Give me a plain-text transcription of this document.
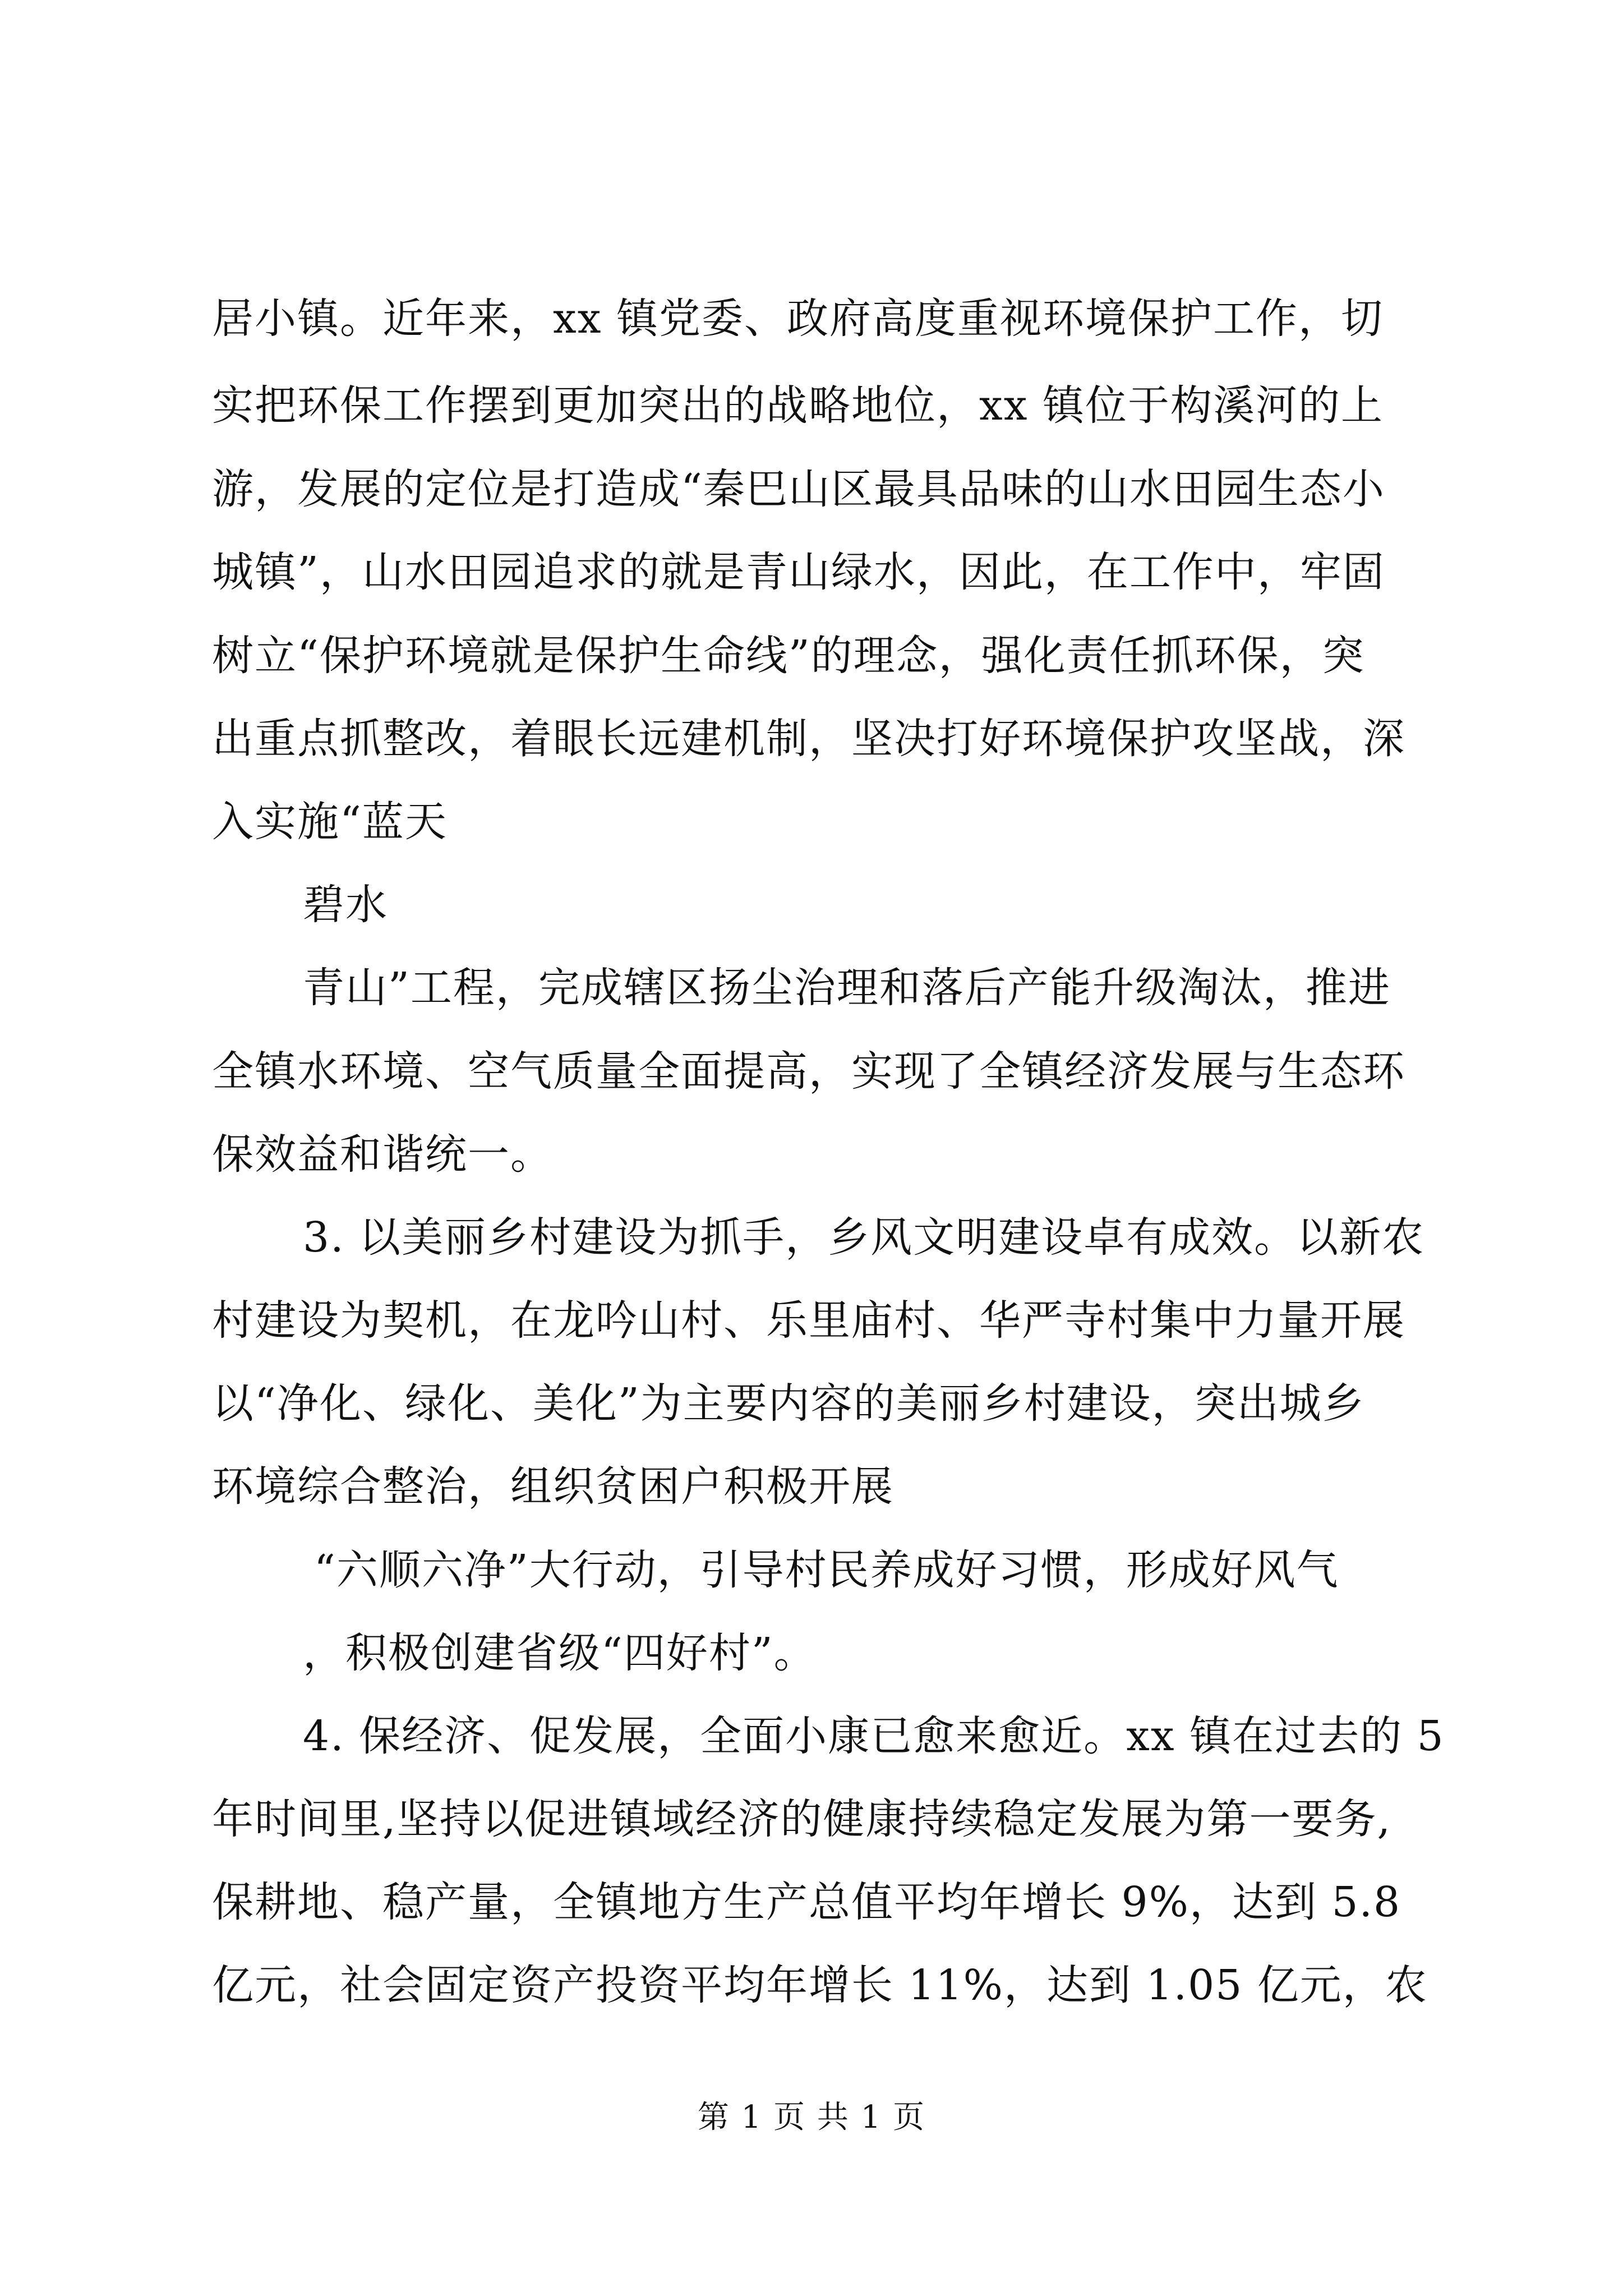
居小镇。近年来，xx 镇党委、政府高度重视环境保护工作，切
实把环保工作摆到更加突出的战略地位，xx 镇位于构溪河的上
游，发展的定位是打造成“秦巴山区最具品味的山水田园生态小
城镇”，山水田园追求的就是青山绿水，因此，在工作中，牢固
树立“保护环境就是保护生命线”的理念，强化责任抓环保，突
出重点抓整改，着眼长远建机制，坚决打好环境保护攻坚战，深
入实施“蓝天
碧水
青山”工程，完成辖区扬尘治理和落后产能升级淘汰，推进
全镇水环境、空气质量全面提高，实现了全镇经济发展与生态环
保效益和谐统一。
3. 以美丽乡村建设为抓手，乡风文明建设卓有成效。以新农
村建设为契机，在龙吟山村、乐里庙村、华严寺村集中力量开展
以“净化、绿化、美化”为主要内容的美丽乡村建设，突出城乡
环境综合整治，组织贫困户积极开展
“六顺六净”大行动，引导村民养成好习惯，形成好风气
，积极创建省级“四好村”。
4. 保经济、促发展，全面小康已愈来愈近。xx 镇在过去的 5
年时间里,坚持以促进镇域经济的健康持续稳定发展为第一要务,
保耕地、稳产量，全镇地方生产总值平均年增长 9%，达到 5.8
亿元，社会固定资产投资平均年增长 11%，达到 1.05 亿元，农
第 1 页 共 1 页
